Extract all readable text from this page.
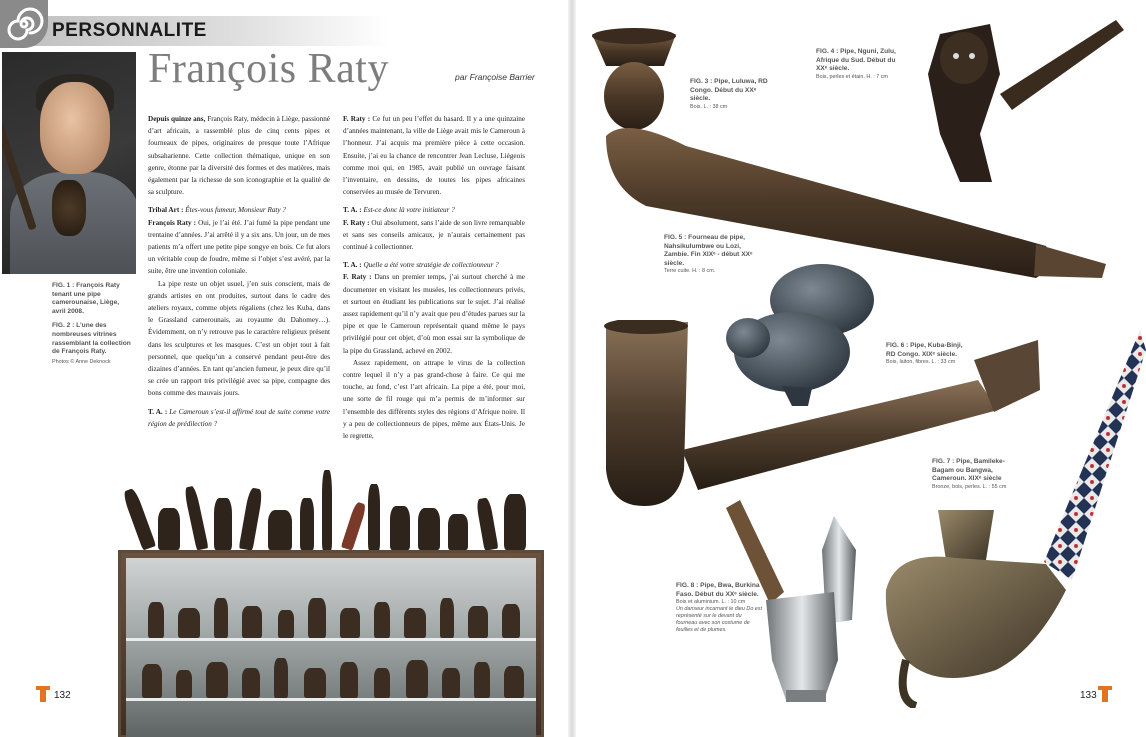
PERSONNALITE
François Raty	par Françoise Barrier
FIG. 1 : François Raty tenant une pipe camerounaise, Liège, avril 2008.
FIG. 2 : L’une des nombreuses vitrines rassemblant la collection de François Raty.
Photos © Anne Deknock

Depuis quinze ans, François Raty, médecin à Liège, passionné d’art africain, a rassemblé plus de cinq cents pipes et fourneaux de pipes, originaires de presque toute l’Afrique subsaharienne. Cette collection thématique, unique en son genre, étonne par la diversité des formes et des matières, mais également par la richesse de son iconographie et la qualité de sa sculpture.

Tribal Art : Êtes-vous fumeur, Monsieur Raty ?

François Raty : Oui, je l’ai été. J’ai fumé la pipe pendant une trentaine d’années. J’ai arrêté il y a six ans. Un jour, un de mes patients m’a offert une petite pipe songye en bois. Ce fut alors un véritable coup de foudre, même si l’objet s’est avéré, par la suite, être une invention coloniale.

La pipe reste un objet usuel, j’en suis conscient, mais de grands artistes en ont produites, surtout dans le cadre des ateliers royaux, comme objets régaliens (chez les Kuba, dans le Grassland camerounais, au royaume du Dahomey…). Évidemment, on n’y retrouve pas le caractère religieux présent dans les sculptures et les masques. C’est un objet tout à fait personnel, que quelqu’un a conservé pendant peut-être des dizaines d’années. En tant qu’ancien fumeur, je peux dire qu’il se crée un rapport très privilégié avec sa pipe, compagne des bons comme des mauvais jours.

T. A. : Le Cameroun s’est-il affirmé tout de suite comme votre région de prédilection ?

F. Raty : Ce fut un peu l’effet du hasard. Il y a une quinzaine d’années maintenant, la ville de Liège avait mis le Cameroun à l’honneur. J’ai acquis ma première pièce à cette occasion. Ensuite, j’ai eu la chance de rencontrer Jean Lecluse, Liégeois comme moi qui, en 1985, avait publié un ouvrage faisant l’inventaire, en dessins, de toutes les pipes africaines conservées au musée de Tervuren.

T. A. : Est-ce donc là votre initiateur ?

F. Raty : Oui absolument, sans l’aide de son livre remarquable et sans ses conseils amicaux, je n’aurais certainement pas continué à collectionner.

T. A. : Quelle a été votre stratégie de collectionneur ?

F. Raty : Dans un premier temps, j’ai surtout cherché à me documenter en visitant les musées, les collectionneurs privés, et surtout en étudiant les publications sur le sujet. J’ai réalisé assez rapidement qu’il n’y avait que peu d’études parues sur la pipe et que le Cameroun représentait quand même le pays privilégié pour cet objet, d’où mon essai sur la symbolique de la pipe du Grassland, achevé en 2002.

Assez rapidement, on attrape le virus de la collection contre lequel il n’y a pas grand-chose à faire. Ce qui me touche, au fond, c’est l’art africain. La pipe a été, pour moi, une sorte de fil rouge qui m’a permis de m’informer sur l’ensemble des différents styles des régions d’Afrique noire. Il y a peu de collectionneurs de pipes, même aux États-Unis. Je le regrette,

132
FIG. 3 : Pipe, Luluwa, RD Congo. Début du XXᵉ siècle.
Bois. L. : 38 cm
FIG. 4 : Pipe, Nguni, Zulu, Afrique du Sud. Début du XXᵉ siècle.
Bois, perles et étain. H. : 7 cm
FIG. 5 : Fourneau de pipe, Nahsikulumbwe ou Lozi, Zambie. Fin XIXᵉ - début XXᵉ siècle.
Terre cuite. H. : 8 cm.
FIG. 6 : Pipe, Kuba-Binji, RD Congo. XIXᵉ siècle.
Bois, laiton, fibres. L. : 33 cm
FIG. 7 : Pipe, Bamileke-Bagam ou Bangwa, Cameroun. XIXᵉ siècle
Bronze, bois, perles. L. : 55 cm
FIG. 8 : Pipe, Bwa, Burkina Faso. Début du XXᵉ siècle.
Bois et aluminium. L. : 10 cm
Un danseur incarnant le dieu Do est représenté sur le devant du fourneau avec son costume de feuilles et de plumes.
133
